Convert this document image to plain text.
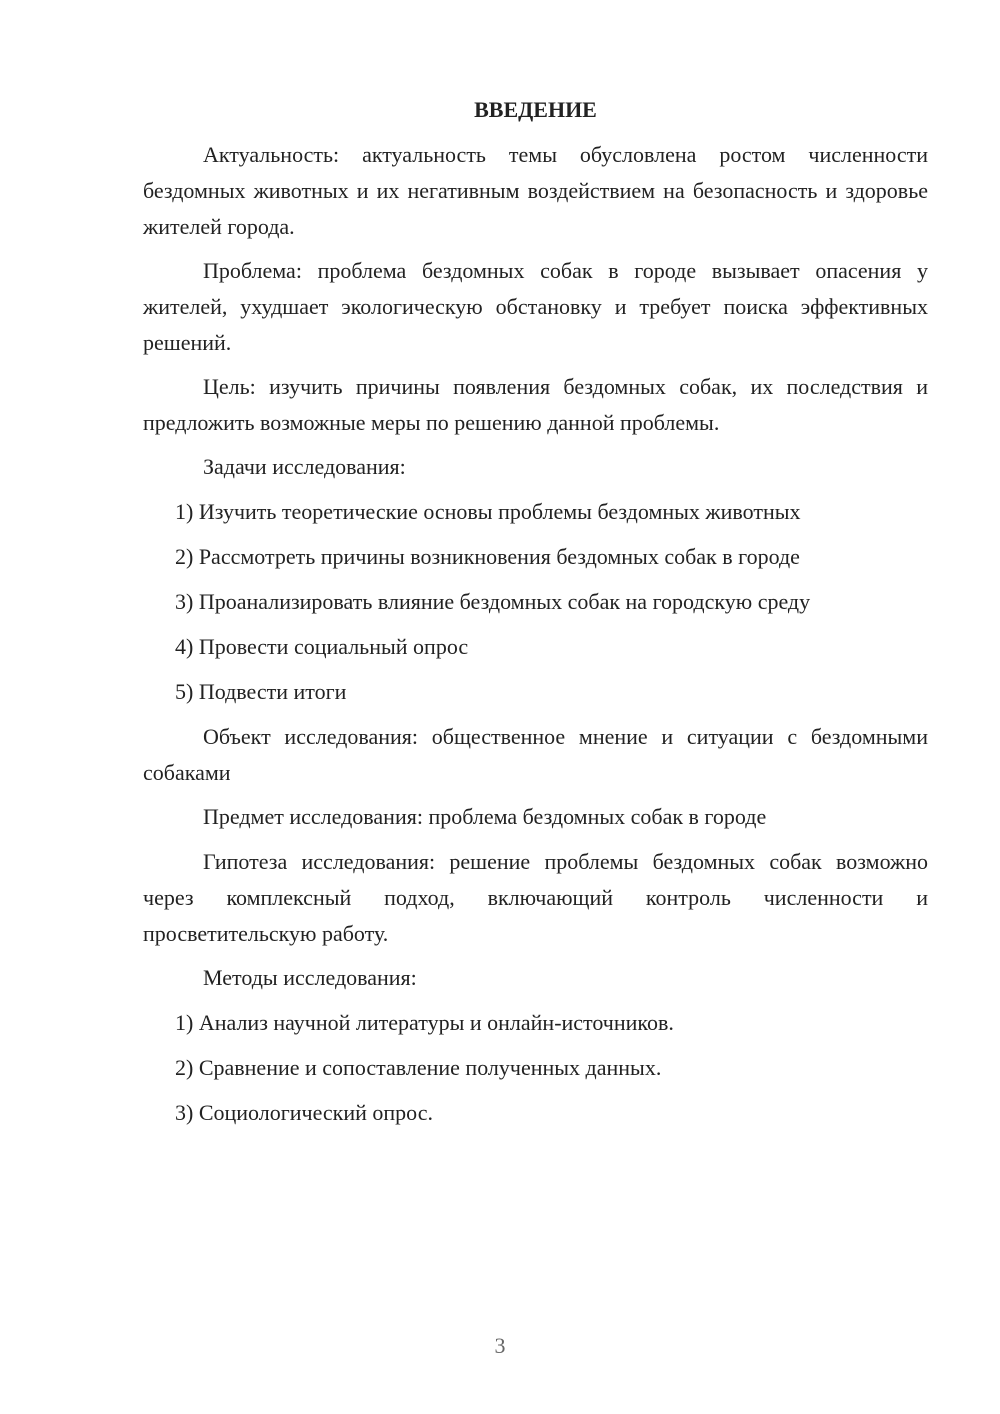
ВВЕДЕНИЕ

Актуальность: актуальность темы обусловлена ростом численности бездомных животных и их негативным воздействием на безопасность и здоровье жителей города.

Проблема: проблема бездомных собак в городе вызывает опасения у жителей, ухудшает экологическую обстановку и требует поиска эффективных решений.

Цель: изучить причины появления бездомных собак, их последствия и предложить возможные меры по решению данной проблемы.

Задачи исследования:

1) Изучить теоретические основы проблемы бездомных животных
2) Рассмотреть причины возникновения бездомных собак в городе
3) Проанализировать влияние бездомных собак на городскую среду
4) Провести социальный опрос
5) Подвести итоги

Объект исследования: общественное мнение и ситуации с бездомными собаками

Предмет исследования: проблема бездомных собак в городе

Гипотеза исследования: решение проблемы бездомных собак возможно через комплексный подход, включающий контроль численности и просветительскую работу.

Методы исследования:

1) Анализ научной литературы и онлайн-источников.
2) Сравнение и сопоставление полученных данных.
3) Социологический опрос.
3
